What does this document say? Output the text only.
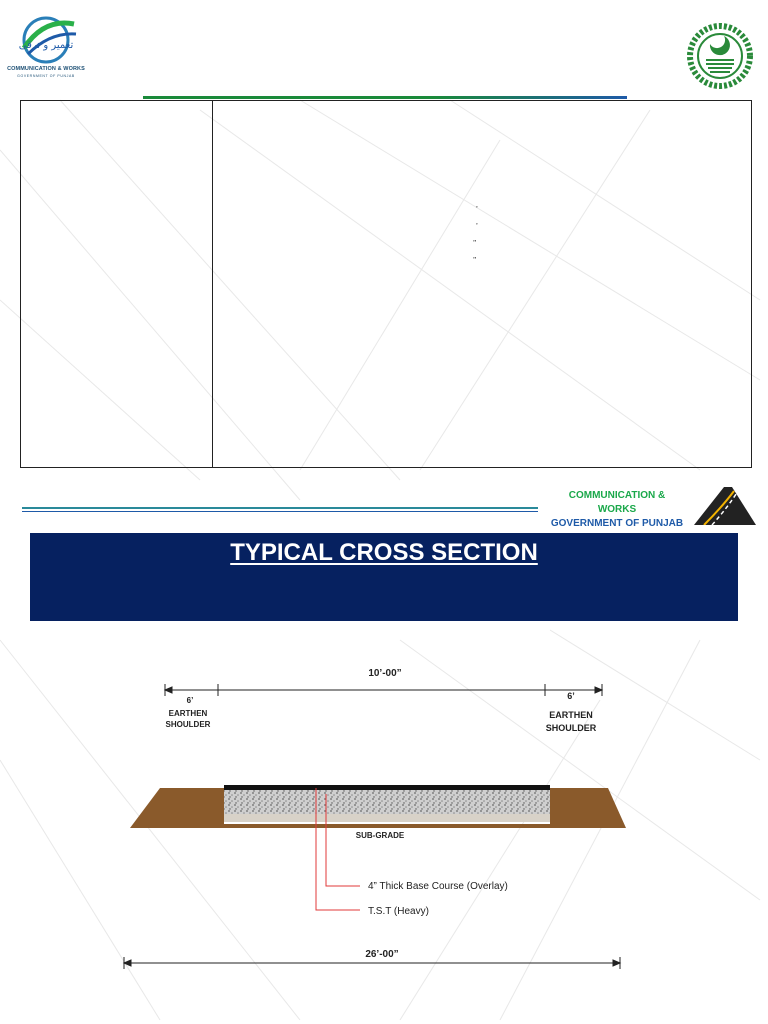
تعمیر و ترقی
COMMUNICATION & WORKS
GOVERNMENT OF PUNJAB
’
’
’’
’’
COMMUNICATION &
WORKS
GOVERNMENT OF PUNJAB
TYPICAL CROSS SECTION
10’-00”
6’
EARTHEN
SHOULDER
6’
EARTHEN
SHOULDER
SUB-GRADE
4” Thick Base Course (Overlay)
T.S.T (Heavy)
26’-00”
